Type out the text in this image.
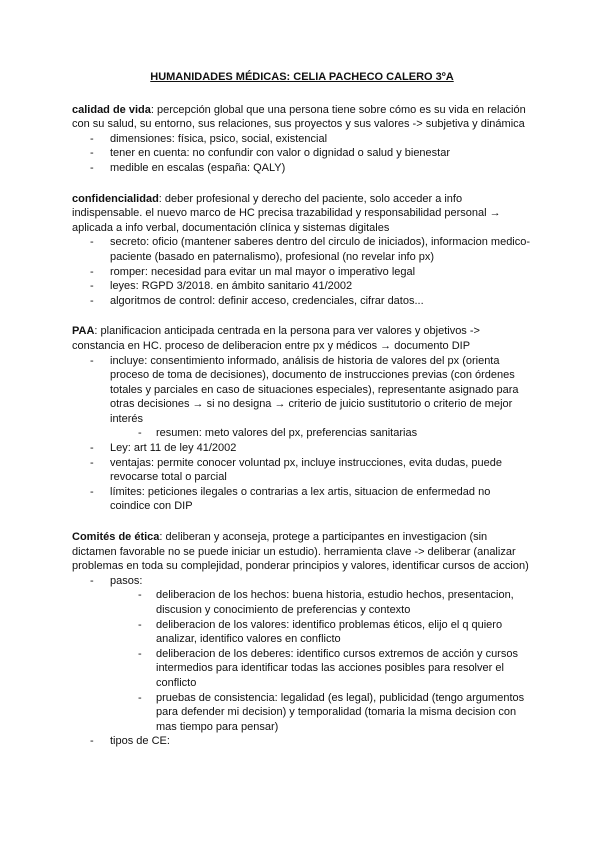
HUMANIDADES MÉDICAS: CELIA PACHECO CALERO 3ºA

calidad de vida: percepción global que una persona tiene sobre cómo es su vida en relación con su salud, su entorno, sus relaciones, sus proyectos y sus valores -> subjetiva y dinámica

- dimensiones: física, psico, social, existencial
- tener en cuenta: no confundir con valor o dignidad o salud y bienestar
- medible en escalas (españa: QALY)

confidencialidad: deber profesional y derecho del paciente, solo acceder a info indispensable. el nuevo marco de HC precisa trazabilidad y responsabilidad personal → aplicada a info verbal, documentación clínica y sistemas digitales

- secreto: oficio (mantener saberes dentro del circulo de iniciados), informacion medico-paciente (basado en paternalismo), profesional (no revelar info px)
- romper: necesidad para evitar un mal mayor o imperativo legal
- leyes: RGPD 3/2018. en ámbito sanitario 41/2002
- algoritmos de control: definir acceso, credenciales, cifrar datos...

PAA: planificacion anticipada centrada en la persona para ver valores y objetivos -> constancia en HC. proceso de deliberacion entre px y médicos → documento DIP

- incluye: consentimiento informado, análisis de historia de valores del px (orienta proceso de toma de decisiones), documento de instrucciones previas (con órdenes totales y parciales en caso de situaciones especiales), representante asignado para otras decisiones → si no designa → criterio de juicio sustitutorio o criterio de mejor interés
- resumen: meto valores del px, preferencias sanitarias
- Ley: art 11 de ley 41/2002
- ventajas: permite conocer voluntad px, incluye instrucciones, evita dudas, puede revocarse total o parcial
- límites: peticiones ilegales o contrarias a lex artis, situacion de enfermedad no coindice con DIP

Comités de ética: deliberan y aconseja, protege a participantes en investigacion (sin dictamen favorable no se puede iniciar un estudio). herramienta clave -> deliberar (analizar problemas en toda su complejidad, ponderar principios y valores, identificar cursos de accion)

- pasos:
- deliberacion de los hechos: buena historia, estudio hechos, presentacion, discusion y conocimiento de preferencias y contexto
- deliberacion de los valores: identifico problemas éticos, elijo el q quiero analizar, identifico valores en conflicto
- deliberacion de los deberes: identifico cursos extremos de acción y cursos intermedios para identificar todas las acciones posibles para resolver el conflicto
- pruebas de consistencia: legalidad (es legal), publicidad (tengo argumentos para defender mi decision) y temporalidad (tomaria la misma decision con mas tiempo para pensar)
- tipos de CE:
